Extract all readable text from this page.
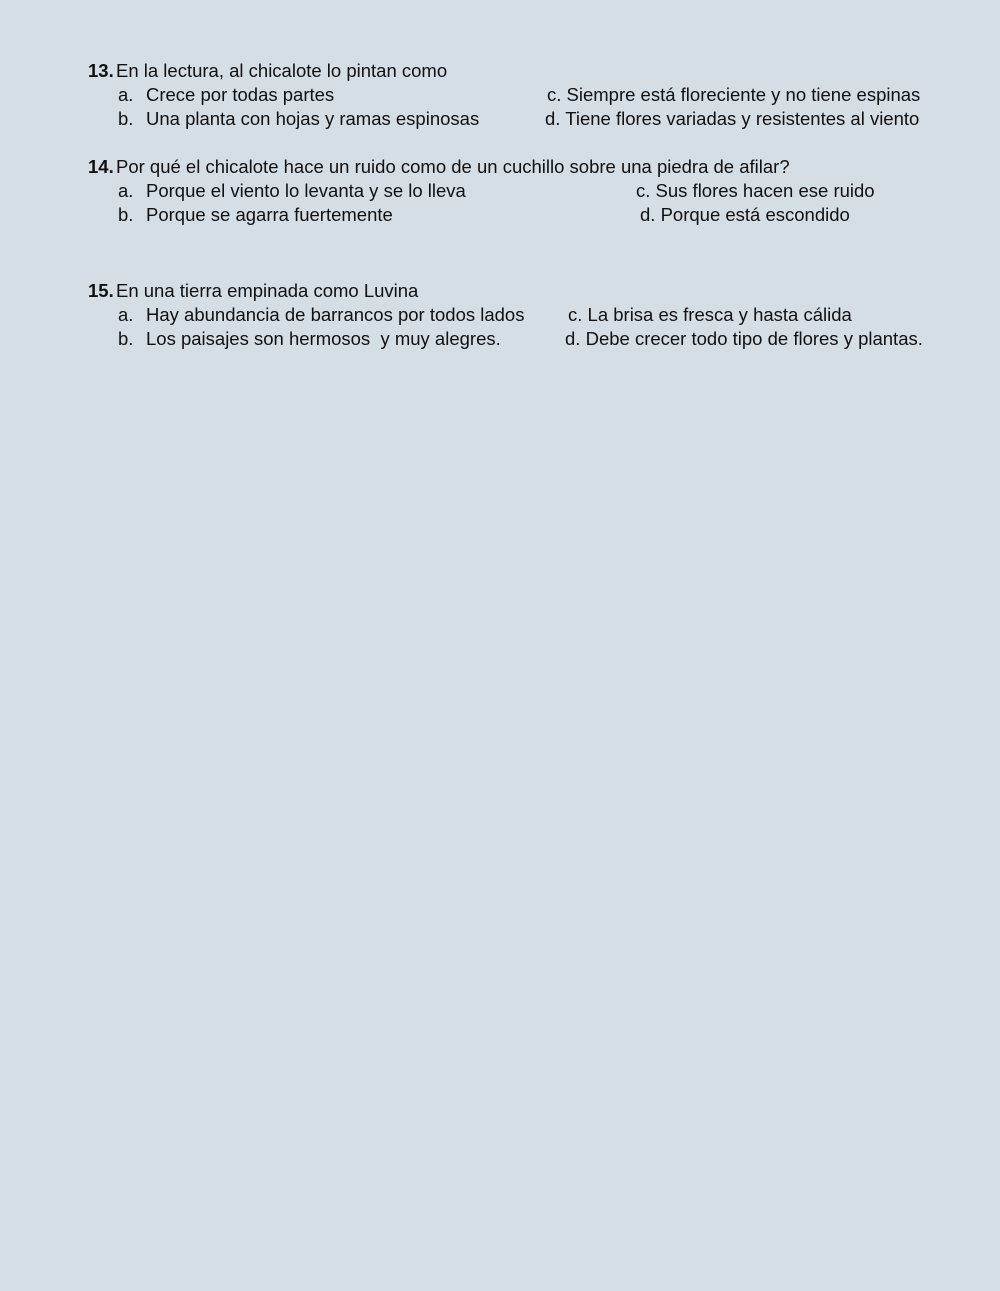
13. En la lectura, al chicalote lo pintan como
a. Crece por todas partes	c. Siempre está floreciente y no tiene espinas
b. Una planta con hojas y ramas espinosas	d. Tiene flores variadas y resistentes al viento
14. Por qué el chicalote hace un ruido como de un cuchillo sobre una piedra de afilar?
a. Porque el viento lo levanta y se lo lleva	c. Sus flores hacen ese ruido
b. Porque se agarra fuertemente	d. Porque está escondido
15. En una tierra empinada como Luvina
a. Hay abundancia de barrancos por todos lados c. La brisa es fresca y hasta cálida
b. Los paisajes son hermosos  y muy alegres.	d. Debe crecer todo tipo de flores y plantas.
